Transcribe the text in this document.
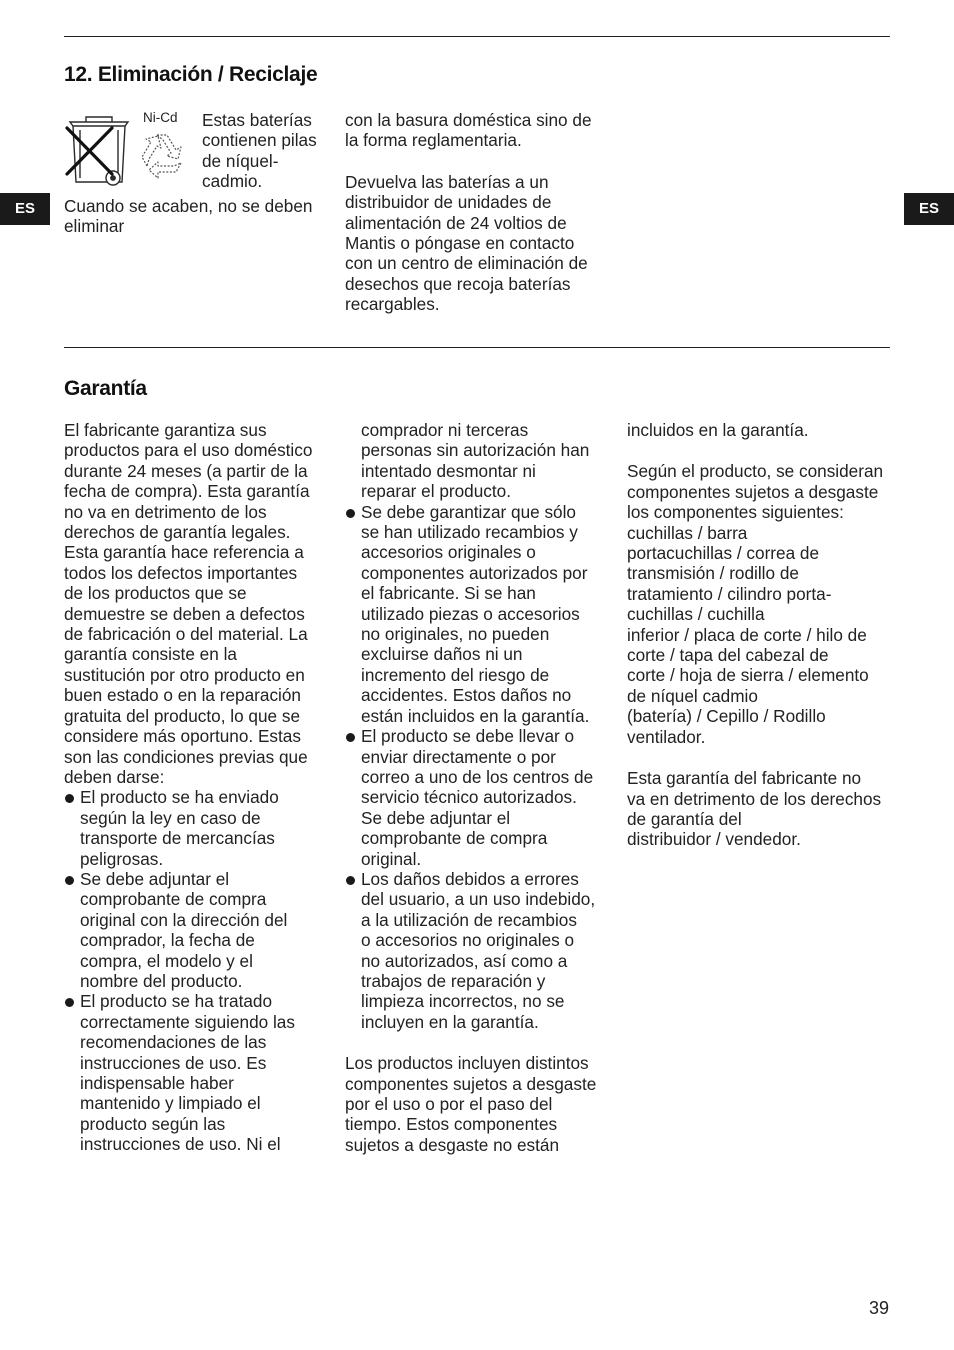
12. Eliminación / Reciclaje
Ni-Cd Estas baterías
contienen pilas
de níquel-
cadmio.
Cuando se acaben, no se deben
eliminar
con la basura doméstica sino de
la forma reglamentaria.
Devuelva las baterías a un
distribuidor de unidades de
alimentación de 24 voltios de
Mantis o póngase en contacto
con un centro de eliminación de
desechos que recoja baterías
recargables.
Garantía
El fabricante garantiza sus
productos para el uso doméstico
durante 24 meses (a partir de la
fecha de compra). Esta garantía
no va en detrimento de los
derechos de garantía legales.
Esta garantía hace referencia a
todos los defectos importantes
de los productos que se
demuestre se deben a defectos
de fabricación o del material. La
garantía consiste en la
sustitución por otro producto en
buen estado o en la reparación
gratuita del producto, lo que se
considere más oportuno. Estas
son las condiciones previas que
deben darse:
El producto se ha enviado
según la ley en caso de
transporte de mercancías
peligrosas.
Se debe adjuntar el
comprobante de compra
original con la dirección del
comprador, la fecha de
compra, el modelo y el
nombre del producto.
El producto se ha tratado
correctamente siguiendo las
recomendaciones de las
instrucciones de uso. Es
indispensable haber
mantenido y limpiado el
producto según las
instrucciones de uso. Ni el
comprador ni terceras
personas sin autorización han
intentado desmontar ni
reparar el producto.
Se debe garantizar que sólo
se han utilizado recambios y
accesorios originales o
componentes autorizados por
el fabricante. Si se han
utilizado piezas o accesorios
no originales, no pueden
excluirse daños ni un
incremento del riesgo de
accidentes. Estos daños no
están incluidos en la garantía.
El producto se debe llevar o
enviar directamente o por
correo a uno de los centros de
servicio técnico autorizados.
Se debe adjuntar el
comprobante de compra
original.
Los daños debidos a errores
del usuario, a un uso indebido,
a la utilización de recambios
o accesorios no originales o
no autorizados, así como a
trabajos de reparación y
limpieza incorrectos, no se
incluyen en la garantía.
Los productos incluyen distintos
componentes sujetos a desgaste
por el uso o por el paso del
tiempo. Estos componentes
sujetos a desgaste no están
incluidos en la garantía.
Según el producto, se consideran
componentes sujetos a desgaste
los componentes siguientes:
cuchillas / barra
portacuchillas / correa de
transmisión / rodillo de
tratamiento / cilindro porta-
cuchillas / cuchilla
inferior / placa de corte / hilo de
corte / tapa del cabezal de
corte / hoja de sierra / elemento
de níquel cadmio
(batería) / Cepillo / Rodillo
ventilador.
Esta garantía del fabricante no
va en detrimento de los derechos
de garantía del
distribuidor / vendedor.
ES	ES
39
